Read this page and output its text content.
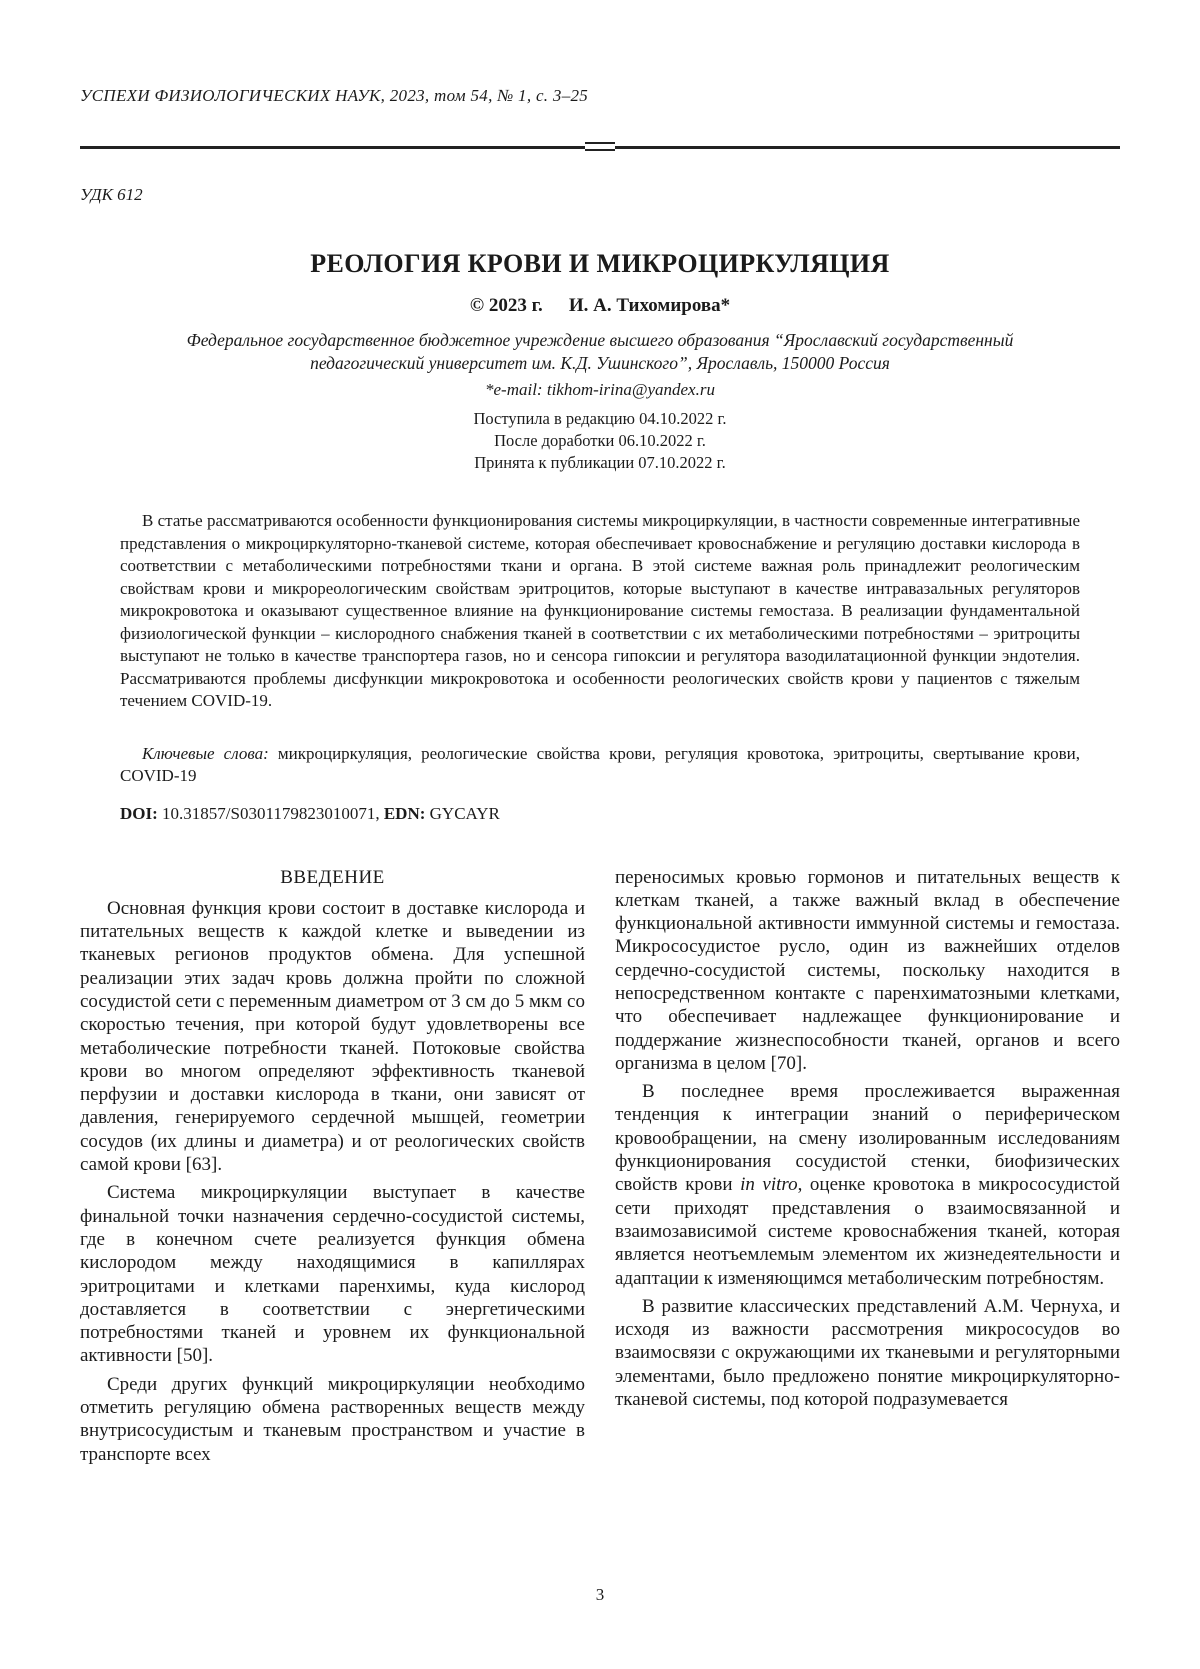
УСПЕХИ ФИЗИОЛОГИЧЕСКИХ НАУК, 2023, том 54, № 1, с. 3–25
УДК 612
РЕОЛОГИЯ КРОВИ И МИКРОЦИРКУЛЯЦИЯ
© 2023 г. И. А. Тихомирова*
Федеральное государственное бюджетное учреждение высшего образования “Ярославский государственный
педагогический университет им. К.Д. Ушинского”, Ярославль, 150000 Россия
*e-mail: tikhom-irina@yandex.ru
Поступила в редакцию 04.10.2022 г.
После доработки 06.10.2022 г.
Принята к публикации 07.10.2022 г.

В статье рассматриваются особенности функционирования системы микроциркуляции, в частности современные интегративные представления о микроциркуляторно-тканевой системе, которая обеспечивает кровоснабжение и регуляцию доставки кислорода в соответствии с метаболическими потребностями ткани и органа. В этой системе важная роль принадлежит реологическим свойствам крови и микрореологическим свойствам эритроцитов, которые выступают в качестве интравазальных регуляторов микрокровотока и оказывают существенное влияние на функционирование системы гемостаза. В реализации фундаментальной физиологической функции – кислородного снабжения тканей в соответствии с их метаболическими потребностями – эритроциты выступают не только в качестве транспортера газов, но и сенсора гипоксии и регулятора вазодилатационной функции эндотелия. Рассматриваются проблемы дисфункции микрокровотока и особенности реологических свойств крови у пациентов с тяжелым течением COVID-19.

Ключевые слова: микроциркуляция, реологические свойства крови, регуляция кровотока, эритроциты, свертывание крови, COVID-19

DOI: 10.31857/S0301179823010071, EDN: GYCAYR

ВВЕДЕНИЕ

Основная функция крови состоит в доставке кислорода и питательных веществ к каждой клетке и выведении из тканевых регионов продуктов обмена. Для успешной реализации этих задач кровь должна пройти по сложной сосудистой сети с переменным диаметром от 3 см до 5 мкм со скоростью течения, при которой будут удовлетворены все метаболические потребности тканей. Потоковые свойства крови во многом определяют эффективность тканевой перфузии и доставки кислорода в ткани, они зависят от давления, генерируемого сердечной мышцей, геометрии сосудов (их длины и диаметра) и от реологических свойств самой крови [63].

Система микроциркуляции выступает в качестве финальной точки назначения сердечно-сосудистой системы, где в конечном счете реализуется функция обмена кислородом между находящимися в капиллярах эритроцитами и клетками паренхимы, куда кислород доставляется в соответствии с энергетическими потребностями тканей и уровнем их функциональной активности [50].

Среди других функций микроциркуляции необходимо отметить регуляцию обмена растворенных веществ между внутрисосудистым и тканевым пространством и участие в транспорте всех

переносимых кровью гормонов и питательных веществ к клеткам тканей, а также важный вклад в обеспечение функциональной активности иммунной системы и гемостаза. Микрососудистое русло, один из важнейших отделов сердечно-сосудистой системы, поскольку находится в непосредственном контакте с паренхиматозными клетками, что обеспечивает надлежащее функционирование и поддержание жизнеспособности тканей, органов и всего организма в целом [70].

В последнее время прослеживается выраженная тенденция к интеграции знаний о периферическом кровообращении, на смену изолированным исследованиям функционирования сосудистой стенки, биофизических свойств крови in vitro, оценке кровотока в микрососудистой сети приходят представления о взаимосвязанной и взаимозависимой системе кровоснабжения тканей, которая является неотъемлемым элементом их жизнедеятельности и адаптации к изменяющимся метаболическим потребностям.

В развитие классических представлений А.М. Чернуха, и исходя из важности рассмотрения микрососудов во взаимосвязи с окружающими их тканевыми и регуляторными элементами, было предложено понятие микроциркуляторно-тканевой системы, под которой подразумевается

3
